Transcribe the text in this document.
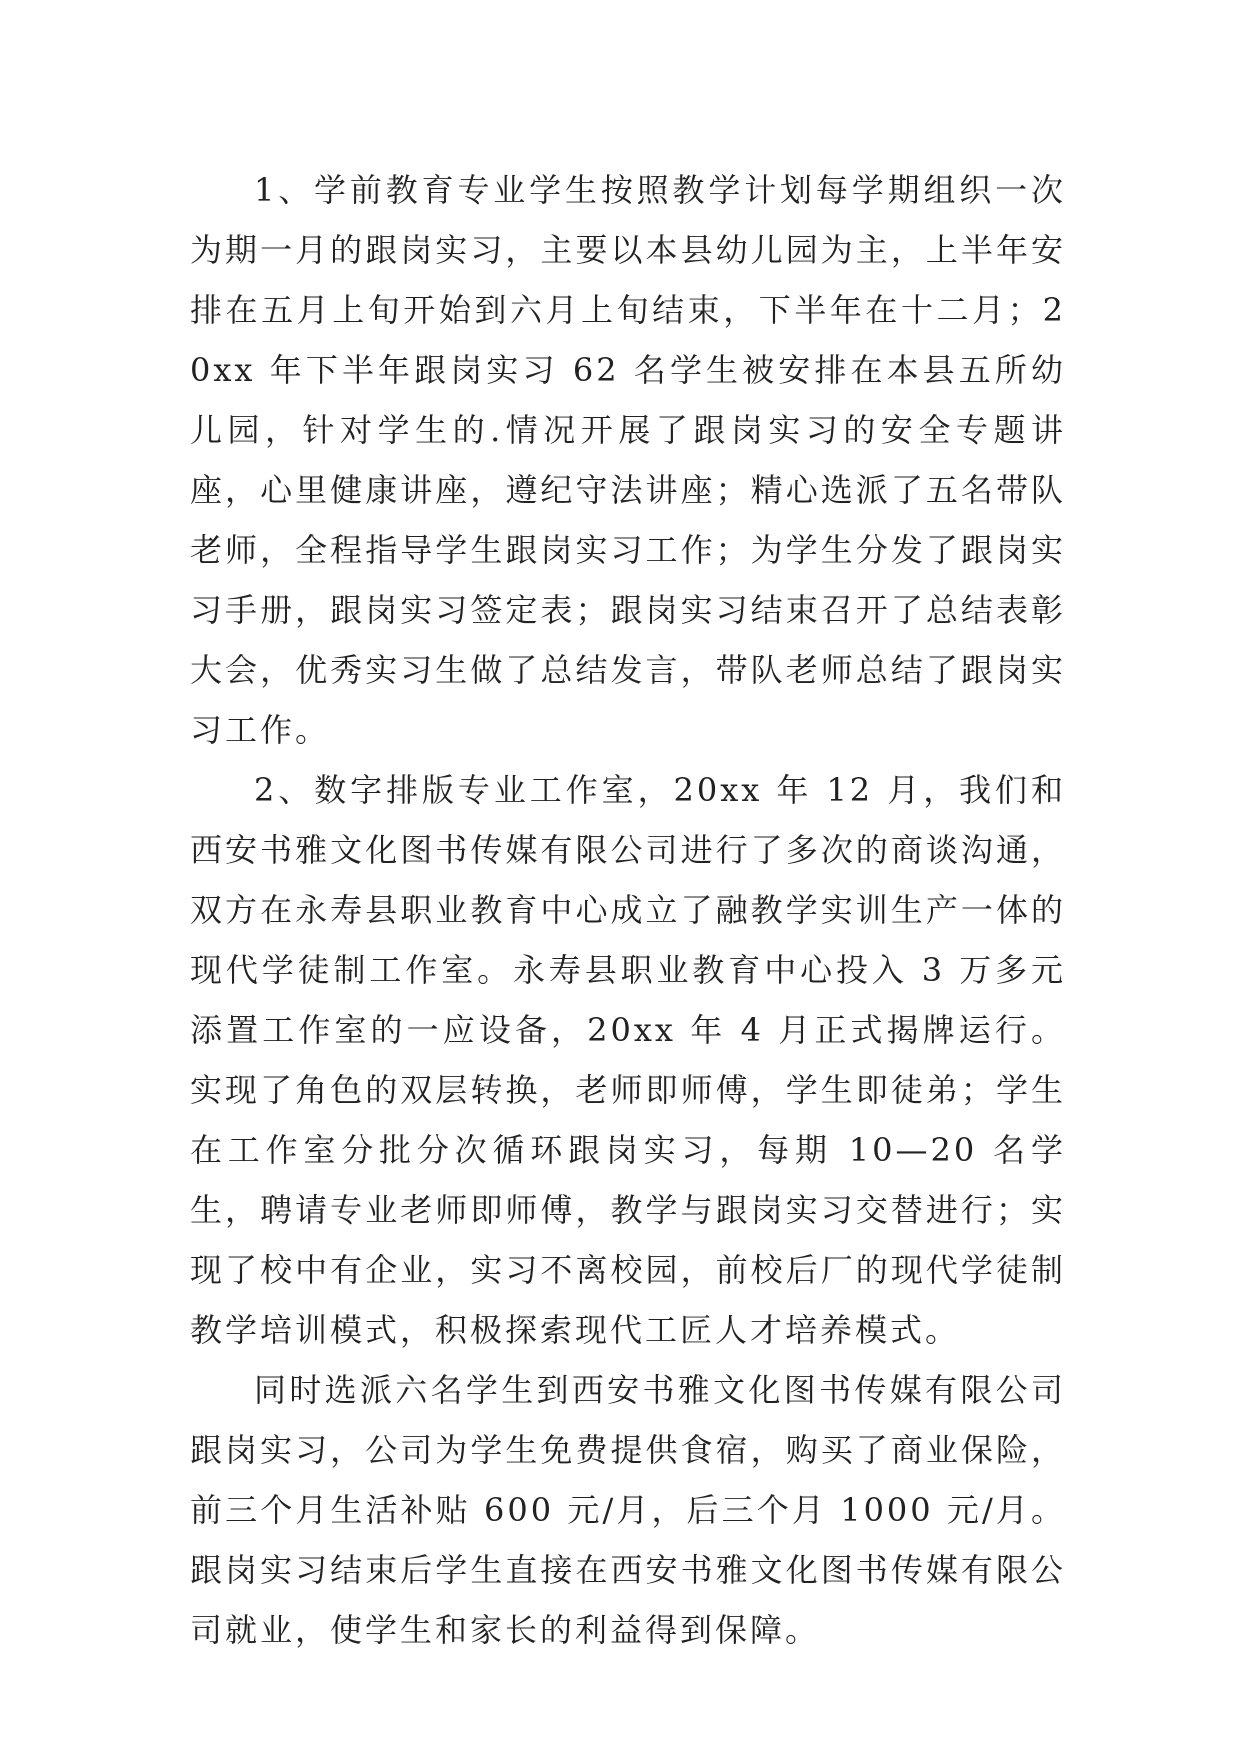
1、学前教育专业学生按照教学计划每学期组织一次为期一月的跟岗实习，主要以本县幼儿园为主，上半年安排在五月上旬开始到六月上旬结束，下半年在十二月；20xx 年下半年跟岗实习 62 名学生被安排在本县五所幼儿园，针对学生的.情况开展了跟岗实习的安全专题讲座，心里健康讲座，遵纪守法讲座；精心选派了五名带队老师，全程指导学生跟岗实习工作；为学生分发了跟岗实习手册，跟岗实习签定表；跟岗实习结束召开了总结表彰大会，优秀实习生做了总结发言，带队老师总结了跟岗实习工作。

2、数字排版专业工作室，20xx 年 12 月，我们和西安书雅文化图书传媒有限公司进行了多次的商谈沟通，双方在永寿县职业教育中心成立了融教学实训生产一体的现代学徒制工作室。永寿县职业教育中心投入 3 万多元添置工作室的一应设备，20xx 年 4 月正式揭牌运行。实现了角色的双层转换，老师即师傅，学生即徒弟；学生在工作室分批分次循环跟岗实习，每期 10—20 名学生，聘请专业老师即师傅，教学与跟岗实习交替进行；实现了校中有企业，实习不离校园，前校后厂的现代学徒制教学培训模式，积极探索现代工匠人才培养模式。

同时选派六名学生到西安书雅文化图书传媒有限公司跟岗实习，公司为学生免费提供食宿，购买了商业保险，前三个月生活补贴 600 元/月，后三个月 1000 元/月。跟岗实习结束后学生直接在西安书雅文化图书传媒有限公司就业，使学生和家长的利益得到保障。
